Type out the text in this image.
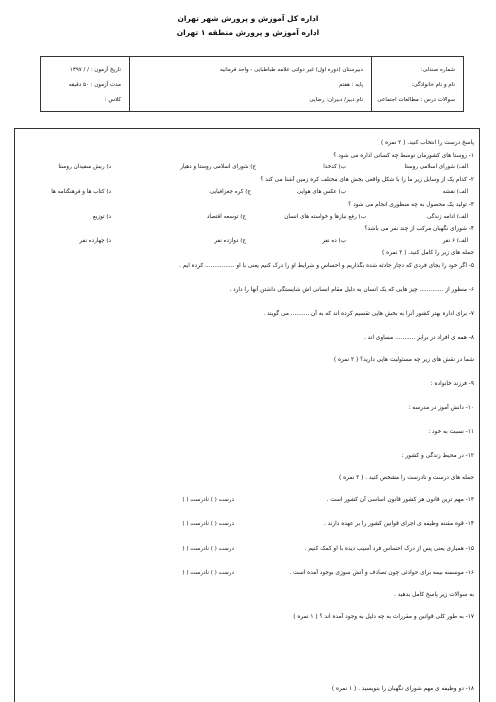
اداره کل آموزش و پرورش شهر تهران
اداره آموزش و پرورش منطقه ۱ تهران
شماره صندلی:
نام و نام خانوادگی:
سوالات درس : مطالعات اجتماعی
دبیرستان (دوره اول) غیر دولتی علامه طباطبایی - واحد فرمانیه
پایه : هفتم
نام دبیر/ دبیران: رضایی
تاریخ آزمون : / / ۱۳۹۷
مدت آزمون : ۵۰ دقیقه
کلاس :
پاسخ درست را انتخاب کنید. ( ۲ نمره )
۱- روستا های کشورمان توسط چه کسانی اداره می شود ؟
الف) شورای اسلامی روستا
ب) کدخدا
ج) شورای اسلامی روستا و دهیار
د) ریش سفیدان روستا
۲- کدام یک از وسایل زیر ما را با شکل واقعی بخش های مختلف کره زمین آشنا می کند ؟
الف) نقشه
ب) عکس های هوایی
ج) کره جغرافیایی
د) کتاب ها و فرهنگنامه ها
۳- تولید یک محصول به چه منظوری انجام می شود ؟
الف) ادامه زندگی
ب) رفع نیازها و خواسته های انسان
ج) توسعه اقتصاد
د) توزیع
۴- شورای نگهبان مرکب از چند نفر می باشد؟
الف) ۶ نفر
ب) ده نفر
ج) دوازده نفر
د) چهارده نفر
جمله های زیر را کامل کنید. ( ۲ نمره )
۵- اگر خود را بجای فردی که دچار حادثه شده بگذاریم و احساس و شرایط او را درک کنیم یعنی با او ................ کرده ایم .
۶- منظور از ............. چیز هایی که یک انسان به دلیل مقام انسانی اش شایستگی داشتن آنها را دارد .
۷- برای اداره بهتر کشور آنرا به بخش هایی تقسیم کرده اند که به آن .......... می گویند .
۸- همه ی افراد در برابر ........... مساوی اند .
شما در نقش های زیر چه مسئولیت هایی دارید؟ ( ۲ نمره )
۹- فرزند خانواده :
۱۰- دانش آموز در مدرسه :
۱۱- نسبت به خود :
۱۲- در محیط زندگی و کشور :
جمله های درست و نادرست را مشخص کنید . ( ۲ نمره )
۱۳- مهم ترین قانون هر کشور قانون اساسی آن کشور است .
درست ( ) نادرست ( )
۱۴- قوه مقننه وظیفه ی اجرای قوانین کشور را بر عهده دارند .
درست ( ) نادرست ( )
۱۵- همیاری یعنی پس از درک احساس فرد آسیب دیده با او کمک کنیم .
درست ( ) نادرست ( )
۱۶- موسسه بیمه برای حوادثی چون تصادف و آتش سوزی بوجود آمده است .
درست ( ) نادرست ( )
به سوالات زیر پاسخ کامل بدهید .
۱۷- به طور کلی قوانین و مقررات به چه دلیل به وجود آمده اند ؟ ( ۱ نمره )
۱۸- دو وظیفه ی مهم شورای نگهبان را بنویسید . ( ۱ نمره )
